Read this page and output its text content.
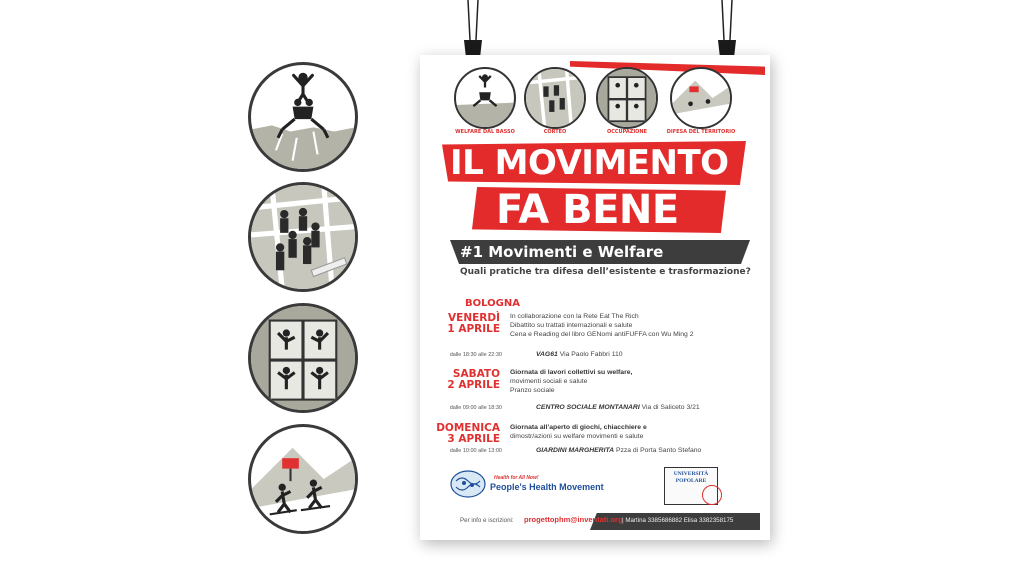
WELFARE DAL BASSO	CORTEO	OCCUPAZIONE	DIFESA DEL TERRITORIO
IL MOVIMENTO
FA BENE
#1 Movimenti e Welfare
Quali pratiche tra difesa dell’esistente e trasformazione?
BOLOGNA
VENERDÌ
1 APRILE
In collaborazione con la Rete Eat The Rich
Dibattito su trattati internazionali e salute
Cena e Reading del libro GENomi antiFUFFA con Wu Ming 2
dalle 18:30 alle 22:30	VAG61 Via Paolo Fabbri 110
SABATO
2 APRILE
Giornata di lavori collettivi su welfare,
movimenti sociali e salute
Pranzo sociale
dalle 09:00 alle 18:30	CENTRO SOCIALE MONTANARI Via di Saliceto 3/21
DOMENICA
3 APRILE
Giornata all’aperto di giochi, chiacchiere e
dimostr/azioni su welfare movimenti e salute
dalle 10:00 alle 13:00	GIARDINI MARGHERITA Pzza di Porta Santo Stefano
Health for All Now!
People's Health Movement
UNIVERSITÀ POPOLARE
Per info e iscrizioni: progettophm@inventati.org | Martina 3385686882 Elisa 3382358175
